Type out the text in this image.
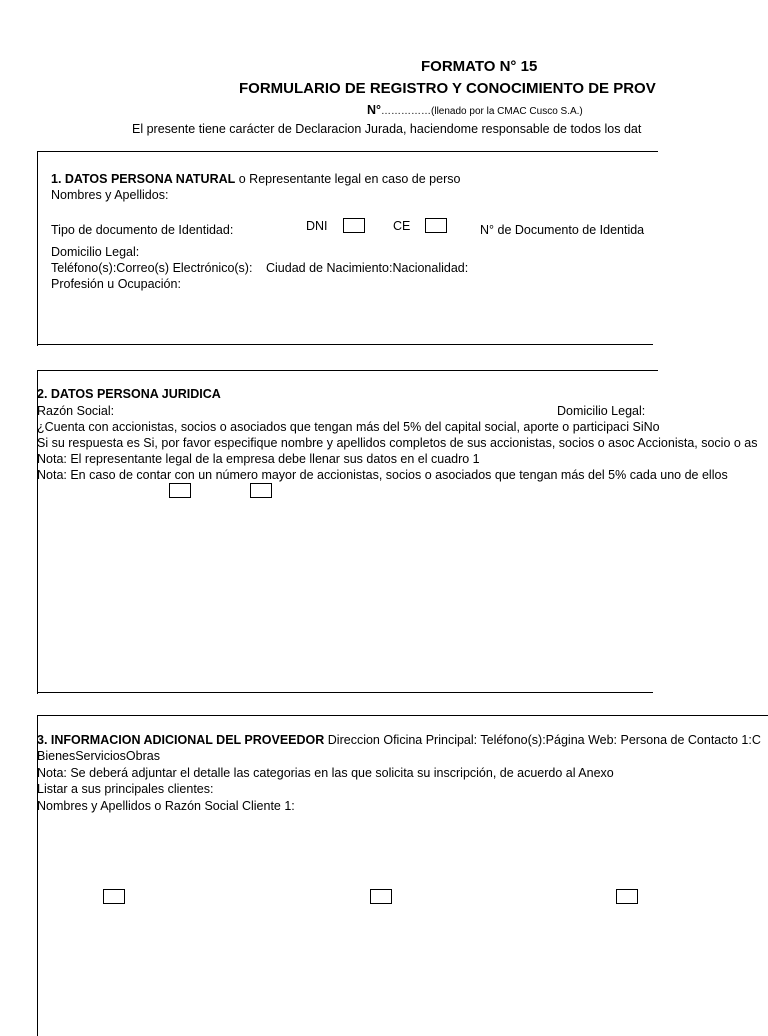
FORMATO N° 15
FORMULARIO DE REGISTRO Y CONOCIMIENTO DE PROV
N°……………(llenado por la CMAC Cusco S.A.)
El presente tiene carácter de Declaracion Jurada, haciendome responsable de todos los dat
1. DATOS PERSONA NATURAL o Representante legal en caso de perso
Nombres y Apellidos:
Tipo de documento de Identidad:	DNI	CE	N° de Documento de Identida
Domicilio Legal:
Teléfono(s):Correo(s) Electrónico(s): Ciudad de Nacimiento:Nacionalidad:
Profesión u Ocupación:
2. DATOS PERSONA JURIDICA
Razón Social:	Domicilio Legal:
¿Cuenta con accionistas, socios o asociados que tengan más del 5% del capital social, aporte o participaci SiNo
Si su respuesta es Si, por favor especifique nombre y apellidos completos de sus accionistas, socios o asoc Accionista, socio o as
Nota: El representante legal de la empresa debe llenar sus datos en el cuadro 1
Nota: En caso de contar con un número mayor de accionistas, socios o asociados que tengan más del 5% cada uno de ellos
3. INFORMACION ADICIONAL DEL PROVEEDOR Direccion Oficina Principal: Teléfono(s):Página Web: Persona de Contacto 1:C
BienesServiciosObras
Nota: Se deberá adjuntar el detalle las categorias en las que solicita su inscripción, de acuerdo al Anexo
Listar a sus principales clientes:
Nombres y Apellidos o Razón Social Cliente 1:
